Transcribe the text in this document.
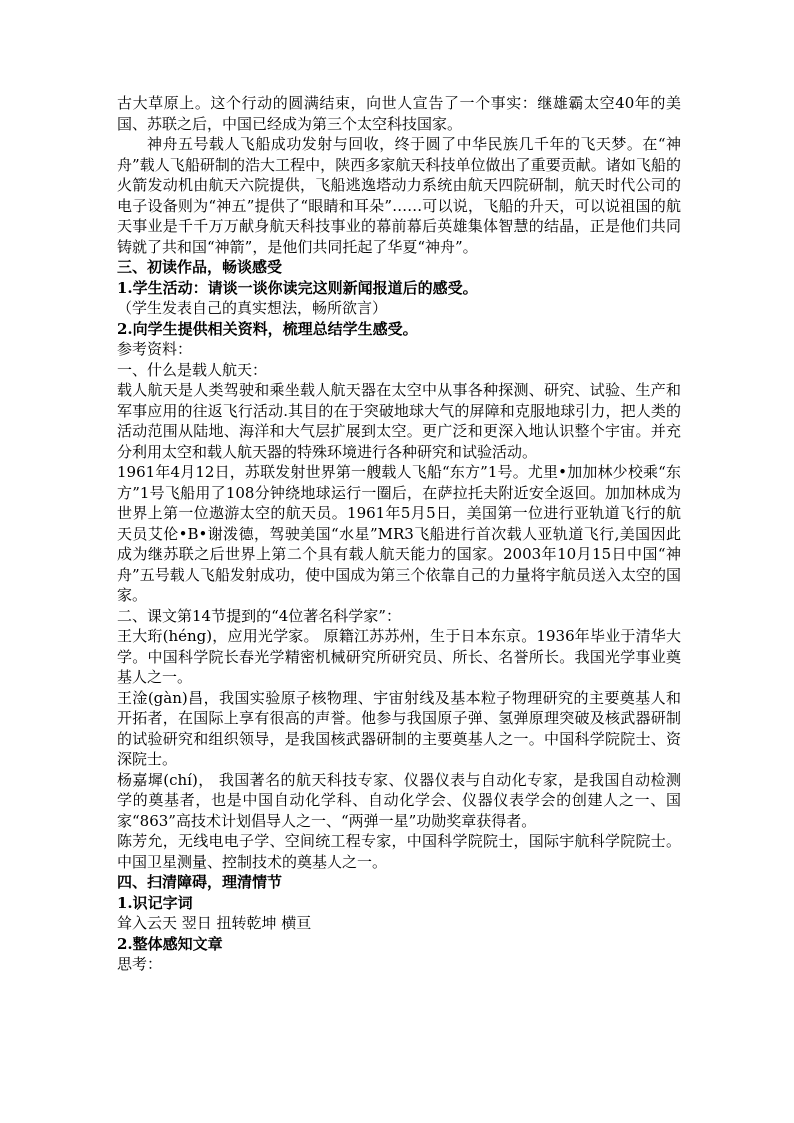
古大草原上。这个行动的圆满结束，向世人宣告了一个事实：继雄霸太空40年的美国、苏联之后，中国已经成为第三个太空科技国家。

神舟五号载人飞船成功发射与回收，终于圆了中华民族几千年的飞天梦。在“神舟”载人飞船研制的浩大工程中，陕西多家航天科技单位做出了重要贡献。诸如飞船的火箭发动机由航天六院提供，飞船逃逸塔动力系统由航天四院研制，航天时代公司的电子设备则为“神五”提供了“眼睛和耳朵”……可以说，飞船的升天，可以说祖国的航天事业是千千万万献身航天科技事业的幕前幕后英雄集体智慧的结晶，正是他们共同铸就了共和国“神箭”，是他们共同托起了华夏“神舟”。

三、初读作品，畅谈感受

1.学生活动：请谈一谈你读完这则新闻报道后的感受。

（学生发表自己的真实想法，畅所欲言）

2.向学生提供相关资料，梳理总结学生感受。

参考资料：

一、什么是载人航天：

载人航天是人类驾驶和乘坐载人航天器在太空中从事各种探测、研究、试验、生产和军事应用的往返飞行活动.其目的在于突破地球大气的屏障和克服地球引力，把人类的活动范围从陆地、海洋和大气层扩展到太空。更广泛和更深入地认识整个宇宙。并充分利用太空和载人航天器的特殊环境进行各种研究和试验活动。

1961年4月12日，苏联发射世界第一艘载人飞船“东方”1号。尤里•加加林少校乘“东方”1号飞船用了108分钟绕地球运行一圈后，在萨拉托夫附近安全返回。加加林成为世界上第一位遨游太空的航天员。1961年5月5日，美国第一位进行亚轨道飞行的航天员艾伦•B•谢泼德，驾驶美国“水星”MR3飞船进行首次载人亚轨道飞行,美国因此成为继苏联之后世界上第二个具有载人航天能力的国家。2003年10月15日中国“神舟”五号载人飞船发射成功，使中国成为第三个依靠自己的力量将宇航员送入太空的国家。

二、课文第14节提到的“4位著名科学家”：

王大珩(héng)，应用光学家。 原籍江苏苏州，生于日本东京。1936年毕业于清华大学。中国科学院长春光学精密机械研究所研究员、所长、名誉所长。我国光学事业奠基人之一。

王淦(gàn)昌，我国实验原子核物理、宇宙射线及基本粒子物理研究的主要奠基人和 开拓者，在国际上享有很高的声誉。他参与我国原子弹、氢弹原理突破及核武器研制的试验研究和组织领导，是我国核武器研制的主要奠基人之一。中国科学院院士、资深院士。

杨嘉墀(chí)， 我国著名的航天科技专家、仪器仪表与自动化专家，是我国自动检测学的奠基者，也是中国自动化学科、自动化学会、仪器仪表学会的创建人之一、国家“863”高技术计划倡导人之一、“两弹一星”功勋奖章获得者。

陈芳允，无线电电子学、空间统工程专家，中国科学院院士，国际宇航科学院院士。中国卫星测量、控制技术的奠基人之一。

四、扫清障碍，理清情节

1.识记字词

耸入云天 翌日 扭转乾坤 横亘

2.整体感知文章

思考：
